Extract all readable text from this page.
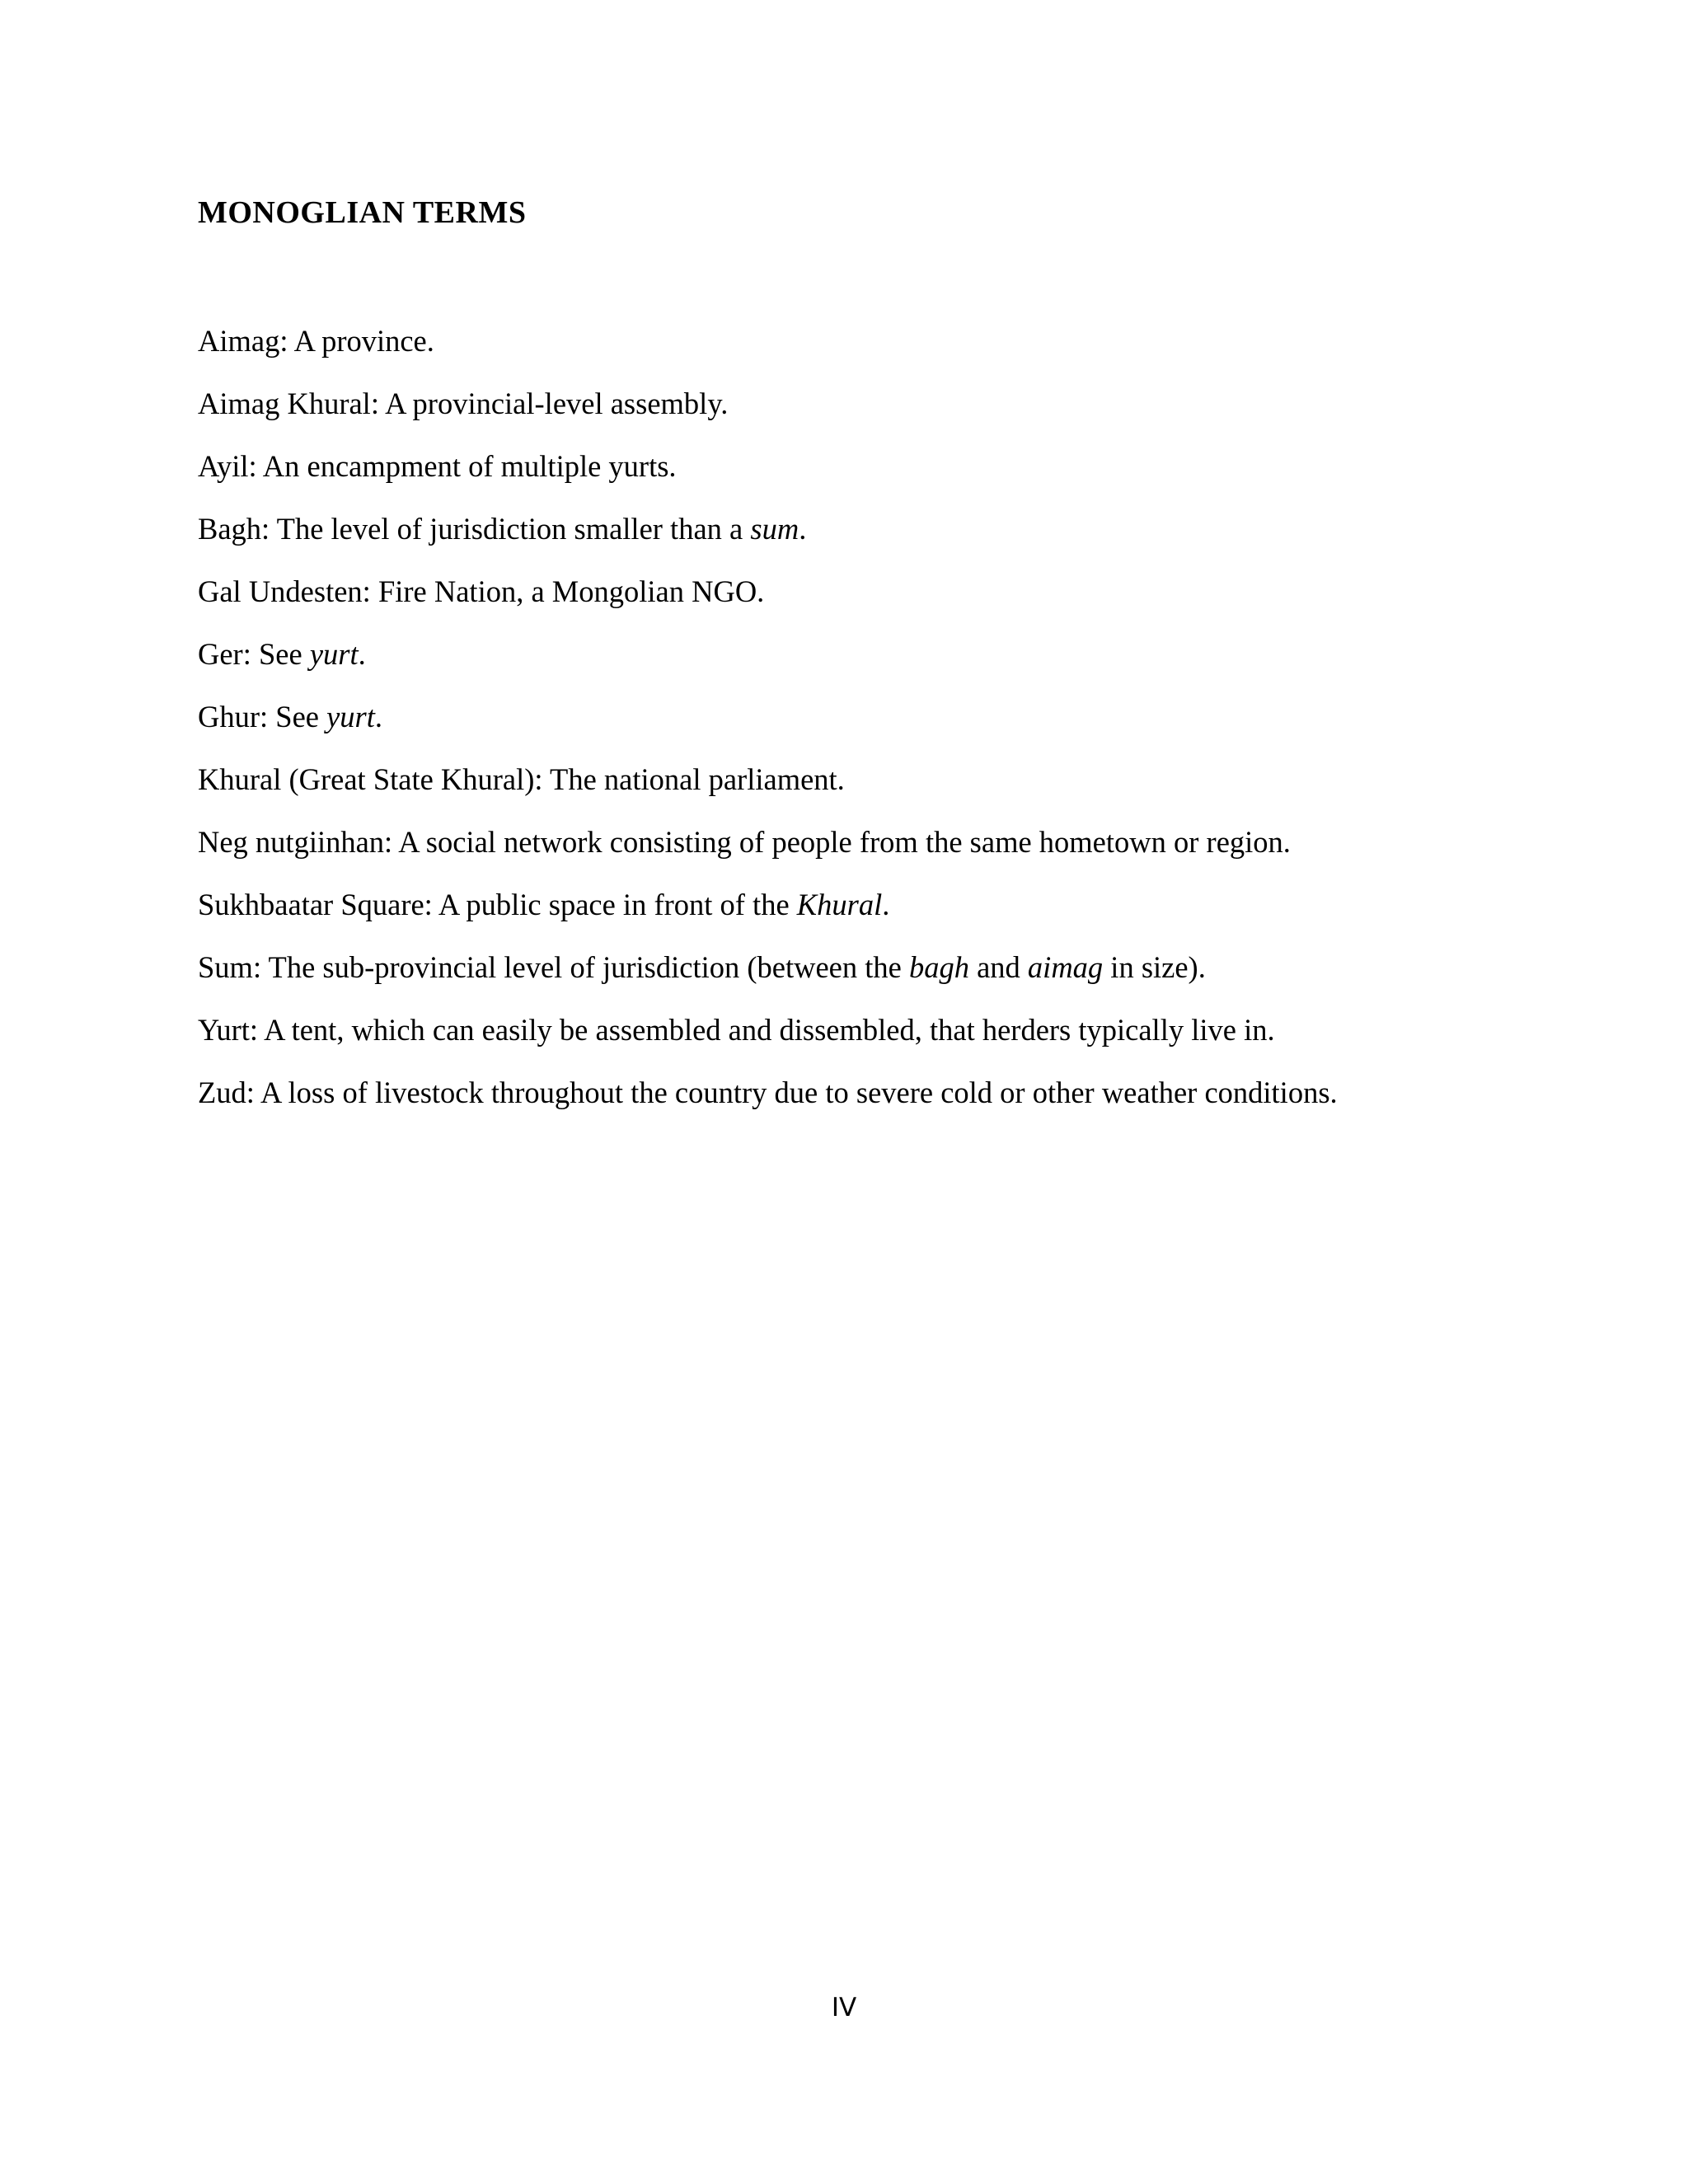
MONOGLIAN TERMS
Aimag: A province.
Aimag Khural: A provincial-level assembly.
Ayil: An encampment of multiple yurts.
Bagh: The level of jurisdiction smaller than a sum.
Gal Undesten: Fire Nation, a Mongolian NGO.
Ger: See yurt.
Ghur: See yurt.
Khural (Great State Khural): The national parliament.
Neg nutgiinhan: A social network consisting of people from the same hometown or region.
Sukhbaatar Square: A public space in front of the Khural.
Sum: The sub-provincial level of jurisdiction (between the bagh and aimag in size).
Yurt: A tent, which can easily be assembled and dissembled, that herders typically live in.
Zud: A loss of livestock throughout the country due to severe cold or other weather conditions.
IV
